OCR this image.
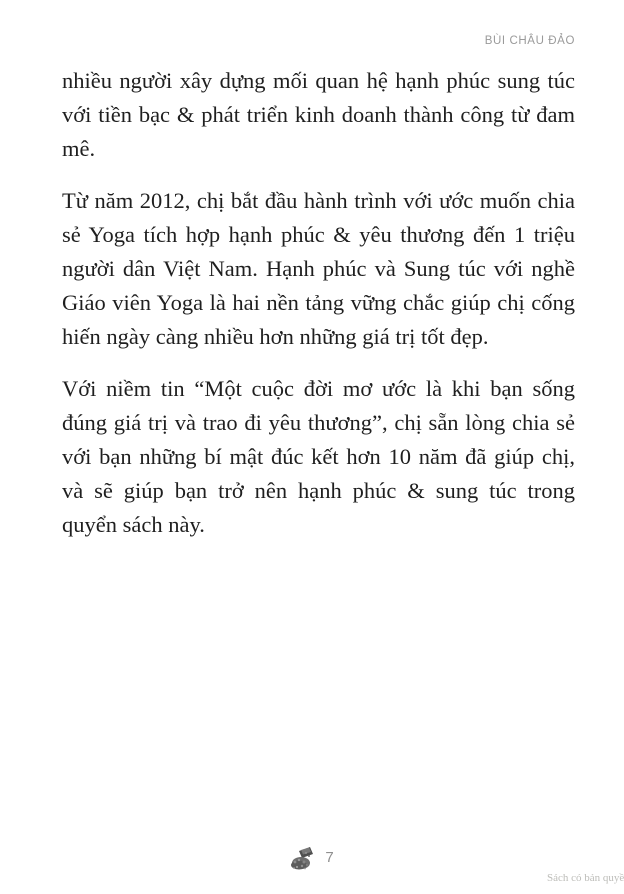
BÙI CHÂU ĐẢO

nhiều người xây dựng mối quan hệ hạnh phúc sung túc với tiền bạc & phát triển kinh doanh thành công từ đam mê.

Từ năm 2012, chị bắt đầu hành trình với ước muốn chia sẻ Yoga tích hợp hạnh phúc & yêu thương đến 1 triệu người dân Việt Nam. Hạnh phúc và Sung túc với nghề Giáo viên Yoga là hai nền tảng vững chắc giúp chị cống hiến ngày càng nhiều hơn những giá trị tốt đẹp.

Với niềm tin “Một cuộc đời mơ ước là khi bạn sống đúng giá trị và trao đi yêu thương”, chị sẵn lòng chia sẻ với bạn những bí mật đúc kết hơn 10 năm đã giúp chị, và sẽ giúp bạn trở nên hạnh phúc & sung túc trong quyển sách này.

7
Sách có bản quyề
